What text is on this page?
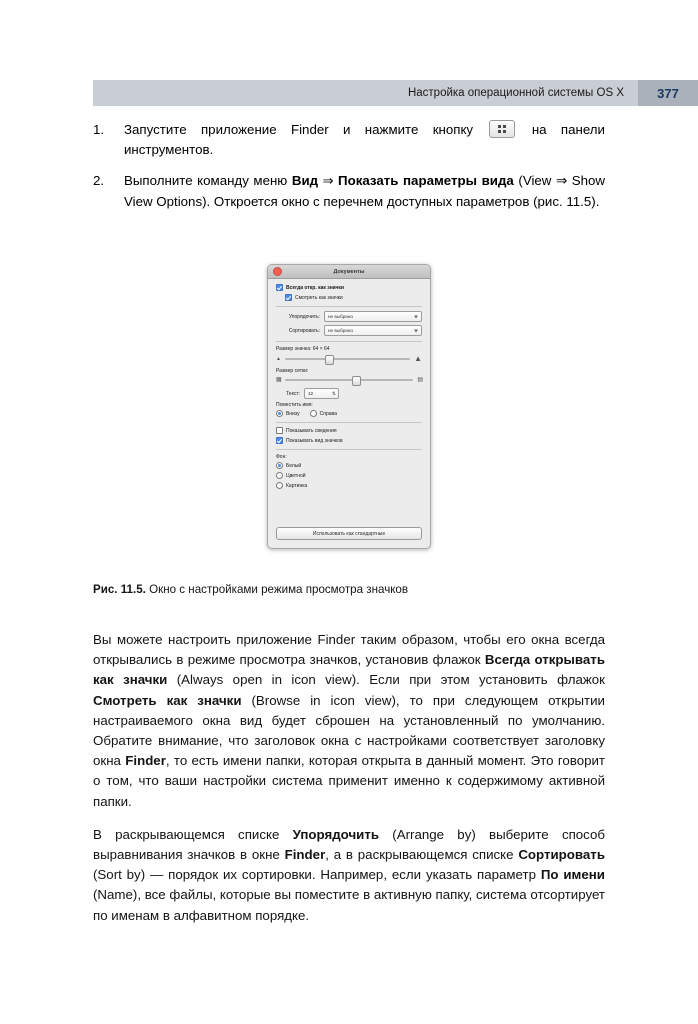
Настройка операционной системы OS X	377
1.	Запустите приложение Finder и нажмите кнопку	на панели инструментов.
2.	Выполните команду меню Вид ⇒ Показать параметры вида (View ⇒ Show View Options). Откроется окно с перечнем доступных параметров (рис. 11.5).
Документы
Всегда откр. как значки
Смотреть как значки
Упорядочить:	не выбрано
Сортировать:	не выбрано
Размер значка: 64 × 64
▲	▲
Размер сетки:
▦	▤
Текст:	12
⇅
Поместить имя:
Внизу	Справа
Показывать сведения
Показывать вид значков
Фон:
Белый
Цветной
Картинка
Использовать как стандартные
Рис. 11.5. Окно с настройками режима просмотра значков

Вы можете настроить приложение Finder таким образом, чтобы его окна всегда открывались в режиме просмотра значков, установив флажок Всегда открывать как значки (Always open in icon view). Если при этом установить флажок Смотреть как значки (Browse in icon view), то при следующем открытии настраиваемого окна вид будет сброшен на установленный по умолчанию. Обратите внимание, что заголовок окна с настройками соответствует заголовку окна Finder, то есть имени папки, которая открыта в данный момент. Это говорит о том, что ваши настройки система применит именно к содержимому активной папки.

В раскрывающемся списке Упорядочить (Arrange by) выберите способ выравнивания значков в окне Finder, а в раскрывающемся списке Сортировать (Sort by) — порядок их сортировки. Например, если указать параметр По имени (Name), все файлы, которые вы поместите в активную папку, система отсортирует по именам в алфавитном порядке.
